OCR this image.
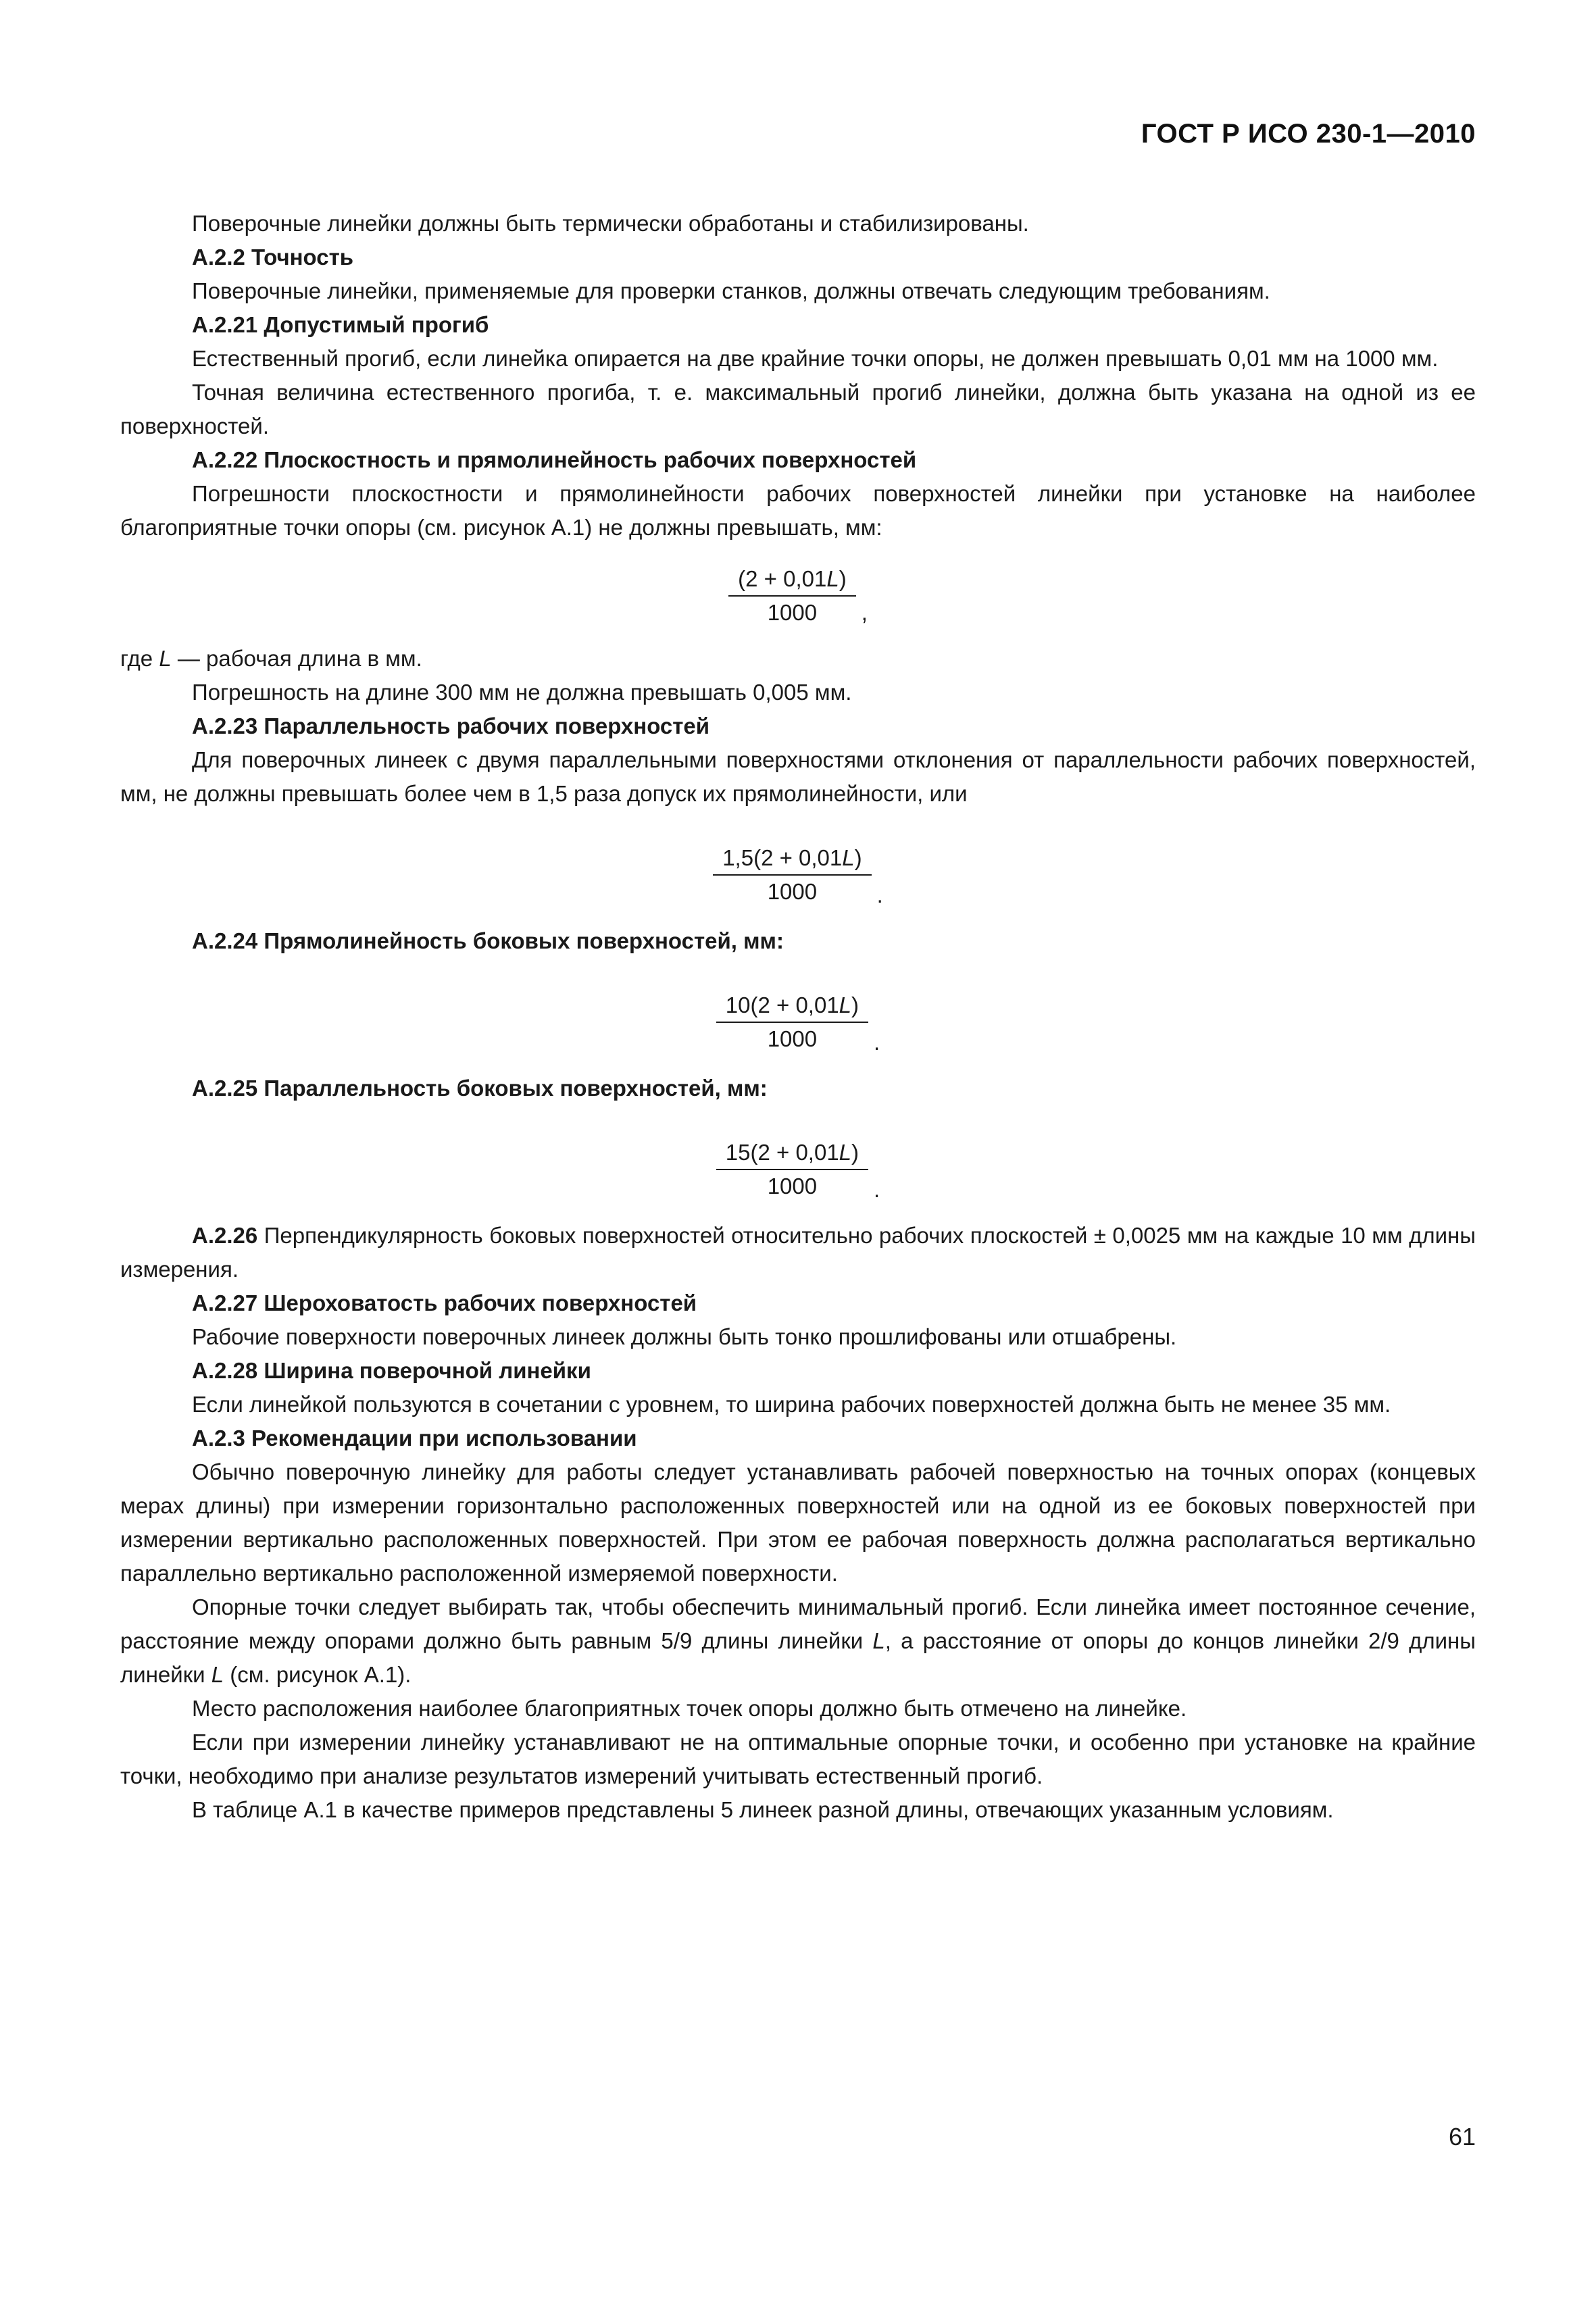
ГОСТ Р ИСО 230-1—2010

Поверочные линейки должны быть термически обработаны и стабилизированы.

А.2.2 Точность

Поверочные линейки, применяемые для проверки станков, должны отвечать следующим требованиям.

А.2.21 Допустимый прогиб

Естественный прогиб, если линейка опирается на две крайние точки опоры, не должен превышать 0,01 мм на 1000 мм.

Точная величина естественного прогиба, т. е. максимальный прогиб линейки, должна быть указана на одной из ее поверхностей.

А.2.22 Плоскостность и прямолинейность рабочих поверхностей

Погрешности плоскостности и прямолинейности рабочих поверхностей линейки при установке на наиболее благоприятные точки опоры (см. рисунок А.1) не должны превышать, мм:

$\frac{(2 + 0,01L)}{1000}$ ,

где L — рабочая длина в мм.

Погрешность на длине 300 мм не должна превышать 0,005 мм.

А.2.23 Параллельность рабочих поверхностей

Для поверочных линеек с двумя параллельными поверхностями отклонения от параллельности рабочих поверхностей, мм, не должны превышать более чем в 1,5 раза допуск их прямолинейности, или

$\frac{1,5(2 + 0,01L)}{1000}$ .

А.2.24 Прямолинейность боковых поверхностей, мм:

$\frac{10(2 + 0,01L)}{1000}$ .

А.2.25 Параллельность боковых поверхностей, мм:

$\frac{15(2 + 0,01L)}{1000}$ .

А.2.26 Перпендикулярность боковых поверхностей относительно рабочих плоскостей ± 0,0025 мм на каждые 10 мм длины измерения.

А.2.27 Шероховатость рабочих поверхностей

Рабочие поверхности поверочных линеек должны быть тонко прошлифованы или отшабрены.

А.2.28 Ширина поверочной линейки

Если линейкой пользуются в сочетании с уровнем, то ширина рабочих поверхностей должна быть не менее 35 мм.

А.2.3 Рекомендации при использовании

Обычно поверочную линейку для работы следует устанавливать рабочей поверхностью на точных опорах (концевых мерах длины) при измерении горизонтально расположенных поверхностей или на одной из ее боковых поверхностей при измерении вертикально расположенных поверхностей. При этом ее рабочая поверхность должна располагаться вертикально параллельно вертикально расположенной измеряемой поверхности.

Опорные точки следует выбирать так, чтобы обеспечить минимальный прогиб. Если линейка имеет постоянное сечение, расстояние между опорами должно быть равным 5/9 длины линейки L, а расстояние от опоры до концов линейки 2/9 длины линейки L (см. рисунок А.1).

Место расположения наиболее благоприятных точек опоры должно быть отмечено на линейке.

Если при измерении линейку устанавливают не на оптимальные опорные точки, и особенно при установке на крайние точки, необходимо при анализе результатов измерений учитывать естественный прогиб.

В таблице А.1 в качестве примеров представлены 5 линеек разной длины, отвечающих указанным условиям.

61
